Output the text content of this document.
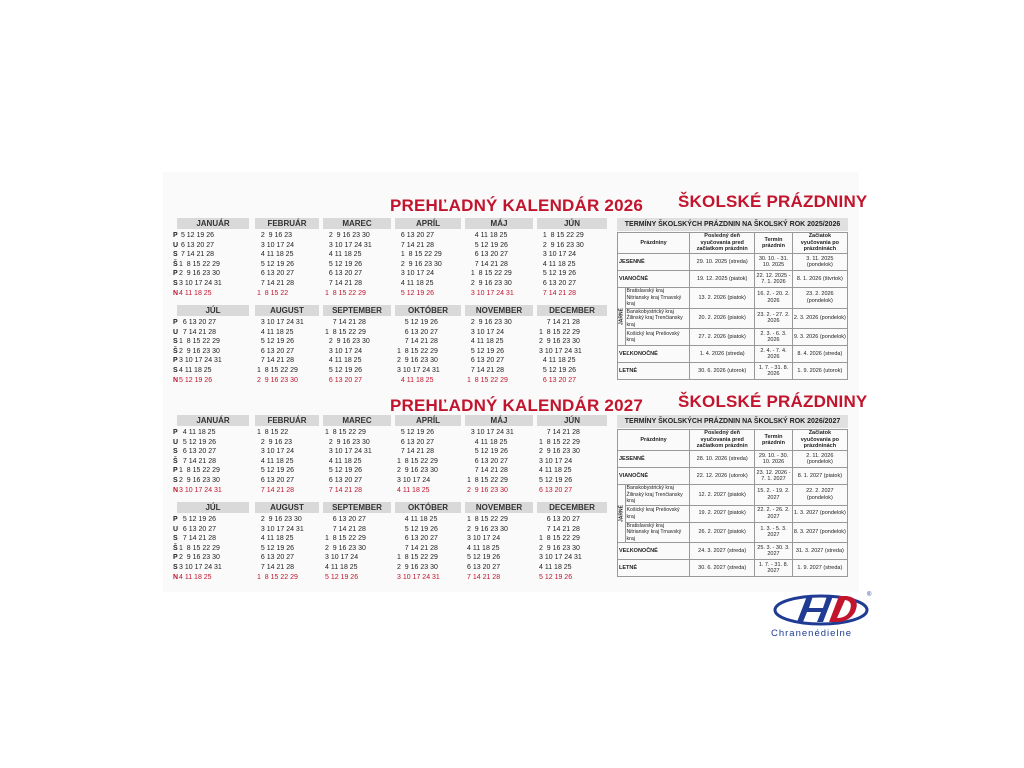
PREHĽADNÝ KALENDÁR 2026 ŠKOLSKÉ PRÁZDNINY
PREHĽADNÝ KALENDÁR 2027 ŠKOLSKÉ PRÁZDNINY
JANUÁR	FEBRUÁR	MAREC	APRÍL	MÁJ	JÚN
P 5 12 19 26	2  9 16 23	2  9 16 23 30	6 13 20 27	4 11 18 25	1  8 15 22 29
U 6 13 20 27	3 10 17 24	3 10 17 24 31	7 14 21 28	5 12 19 26	2  9 16 23 30
S 7 14 21 28	4 11 18 25	4 11 18 25	1  8 15 22 29	6 13 20 27	3 10 17 24
Š 1  8 15 22 29	5 12 19 26	5 12 19 26	2  9 16 23 30	7 14 21 28	4 11 18 25
P 2  9 16 23 30	6 13 20 27	6 13 20 27	3 10 17 24	1  8 15 22 29	5 12 19 26
S 3 10 17 24 31	7 14 21 28	7 14 21 28	4 11 18 25	2  9 16 23 30	6 13 20 27
N 4 11 18 25	1  8 15 22	1  8 15 22 29	5 12 19 26	3 10 17 24 31	7 14 21 28
JÚL	AUGUST	SEPTEMBER	OKTÓBER	NOVEMBER	DECEMBER
P 6 13 20 27	3 10 17 24 31	7 14 21 28	5 12 19 26	2  9 16 23 30	7 14 21 28
U 7 14 21 28	4 11 18 25	1  8 15 22 29	6 13 20 27	3 10 17 24	1  8 15 22 29
S 1  8 15 22 29	5 12 19 26	2  9 16 23 30	7 14 21 28	4 11 18 25	2  9 16 23 30
Š 2  9 16 23 30	6 13 20 27	3 10 17 24	1  8 15 22 29	5 12 19 26	3 10 17 24 31
P 3 10 17 24 31	7 14 21 28	4 11 18 25	2  9 16 23 30	6 13 20 27	4 11 18 25
S 4 11 18 25	1  8 15 22 29	5 12 19 26	3 10 17 24 31	7 14 21 28	5 12 19 26
N 5 12 19 26	2  9 16 23 30	6 13 20 27	4 11 18 25	1  8 15 22 29	6 13 20 27
JANUÁR	FEBRUÁR	MAREC	APRÍL	MÁJ	JÚN
P 4 11 18 25	1  8 15 22	1  8 15 22 29	5 12 19 26	3 10 17 24 31	7 14 21 28
U 5 12 19 26	2  9 16 23	2  9 16 23 30	6 13 20 27	4 11 18 25	1  8 15 22 29
S 6 13 20 27	3 10 17 24	3 10 17 24 31	7 14 21 28	5 12 19 26	2  9 16 23 30
Š 7 14 21 28	4 11 18 25	4 11 18 25	1  8 15 22 29	6 13 20 27	3 10 17 24
P 1  8 15 22 29	5 12 19 26	5 12 19 26	2  9 16 23 30	7 14 21 28	4 11 18 25
S 2  9 16 23 30	6 13 20 27	6 13 20 27	3 10 17 24	1  8 15 22 29	5 12 19 26
N 3 10 17 24 31	7 14 21 28	7 14 21 28	4 11 18 25	2  9 16 23 30	6 13 20 27
JÚL	AUGUST	SEPTEMBER	OKTÓBER	NOVEMBER	DECEMBER
P 5 12 19 26	2  9 16 23 30	6 13 20 27	4 11 18 25	1  8 15 22 29	6 13 20 27
U 6 13 20 27	3 10 17 24 31	7 14 21 28	5 12 19 26	2  9 16 23 30	7 14 21 28
S 7 14 21 28	4 11 18 25	1  8 15 22 29	6 13 20 27	3 10 17 24	1  8 15 22 29
Š 1  8 15 22 29	5 12 19 26	2  9 16 23 30	7 14 21 28	4 11 18 25	2  9 16 23 30
P 2  9 16 23 30	6 13 20 27	3 10 17 24	1  8 15 22 29	5 12 19 26	3 10 17 24 31
S 3 10 17 24 31	7 14 21 28	4 11 18 25	2  9 16 23 30	6 13 20 27	4 11 18 25
N 4 11 18 25	1  8 15 22 29	5 12 19 26	3 10 17 24 31	7 14 21 28	5 12 19 26
TERMÍNY ŠKOLSKÝCH PRÁZDNIN NA ŠKOLSKÝ ROK 2025/2026
Prázdniny		Posledný deň vyučovania pred začiatkom prázdnin	Termín prázdnin	Začiatok vyučovania po prázdninách
JESENNÉ		29. 10. 2025 (streda)	30. 10. - 31. 10. 2025	3. 11. 2025 (pondelok)
VIANOČNÉ		19. 12. 2025 (piatok)	22. 12. 2025 - 7. 1. 2026	8. 1. 2026 (štvrtok)
JARNÉ	Bratislavský kraj Nitriansky kraj Trnavský kraj	13. 2. 2026 (piatok)	16. 2. - 20. 2. 2026	23. 2. 2026 (pondelok)
	Banskobystrický kraj Žilinský kraj Trenčiansky kraj	20. 2. 2026 (piatok)	23. 2. - 27. 2. 2026	2. 3. 2026 (pondelok)
	Košický kraj Prešovský kraj	27. 2. 2026 (piatok)	2. 3. - 6. 3. 2026	9. 3. 2026 (pondelok)
VEĽKONOČNÉ		1. 4. 2026 (streda)	2. 4. - 7. 4. 2026	8. 4. 2026 (streda)
LETNÉ		30. 6. 2026 (utorok)	1. 7. - 31. 8. 2026	1. 9. 2026 (utorok)
TERMÍNY ŠKOLSKÝCH PRÁZDNIN NA ŠKOLSKÝ ROK 2026/2027
Prázdniny		Posledný deň vyučovania pred začiatkom prázdnin	Termín prázdnin	Začiatok vyučovania po prázdninách
JESENNÉ		28. 10. 2026 (streda)	29. 10. - 30. 10. 2026	2. 11. 2026 (pondelok)
VIANOČNÉ		22. 12. 2026 (utorok)	23. 12. 2026 - 7. 1. 2027	8. 1. 2027 (piatok)
JARNÉ	Banskobystrický kraj Žilinský kraj Trenčiansky kraj	12. 2. 2027 (piatok)	15. 2. - 19. 2. 2027	22. 2. 2027 (pondelok)
	Košický kraj Prešovský kraj	19. 2. 2027 (piatok)	22. 2. - 26. 2. 2027	1. 3. 2027 (pondelok)
	Bratislavský kraj Nitriansky kraj Trnavský kraj	26. 2. 2027 (piatok)	1. 3. - 5. 3. 2027	8. 3. 2027 (pondelok)
VEĽKONOČNÉ		24. 3. 2027 (streda)	25. 3. - 30. 3. 2027	31. 3. 2027 (streda)
LETNÉ		30. 6. 2027 (streda)	1. 7. - 31. 8. 2027	1. 9. 2027 (streda)
®
Chranenédielne
